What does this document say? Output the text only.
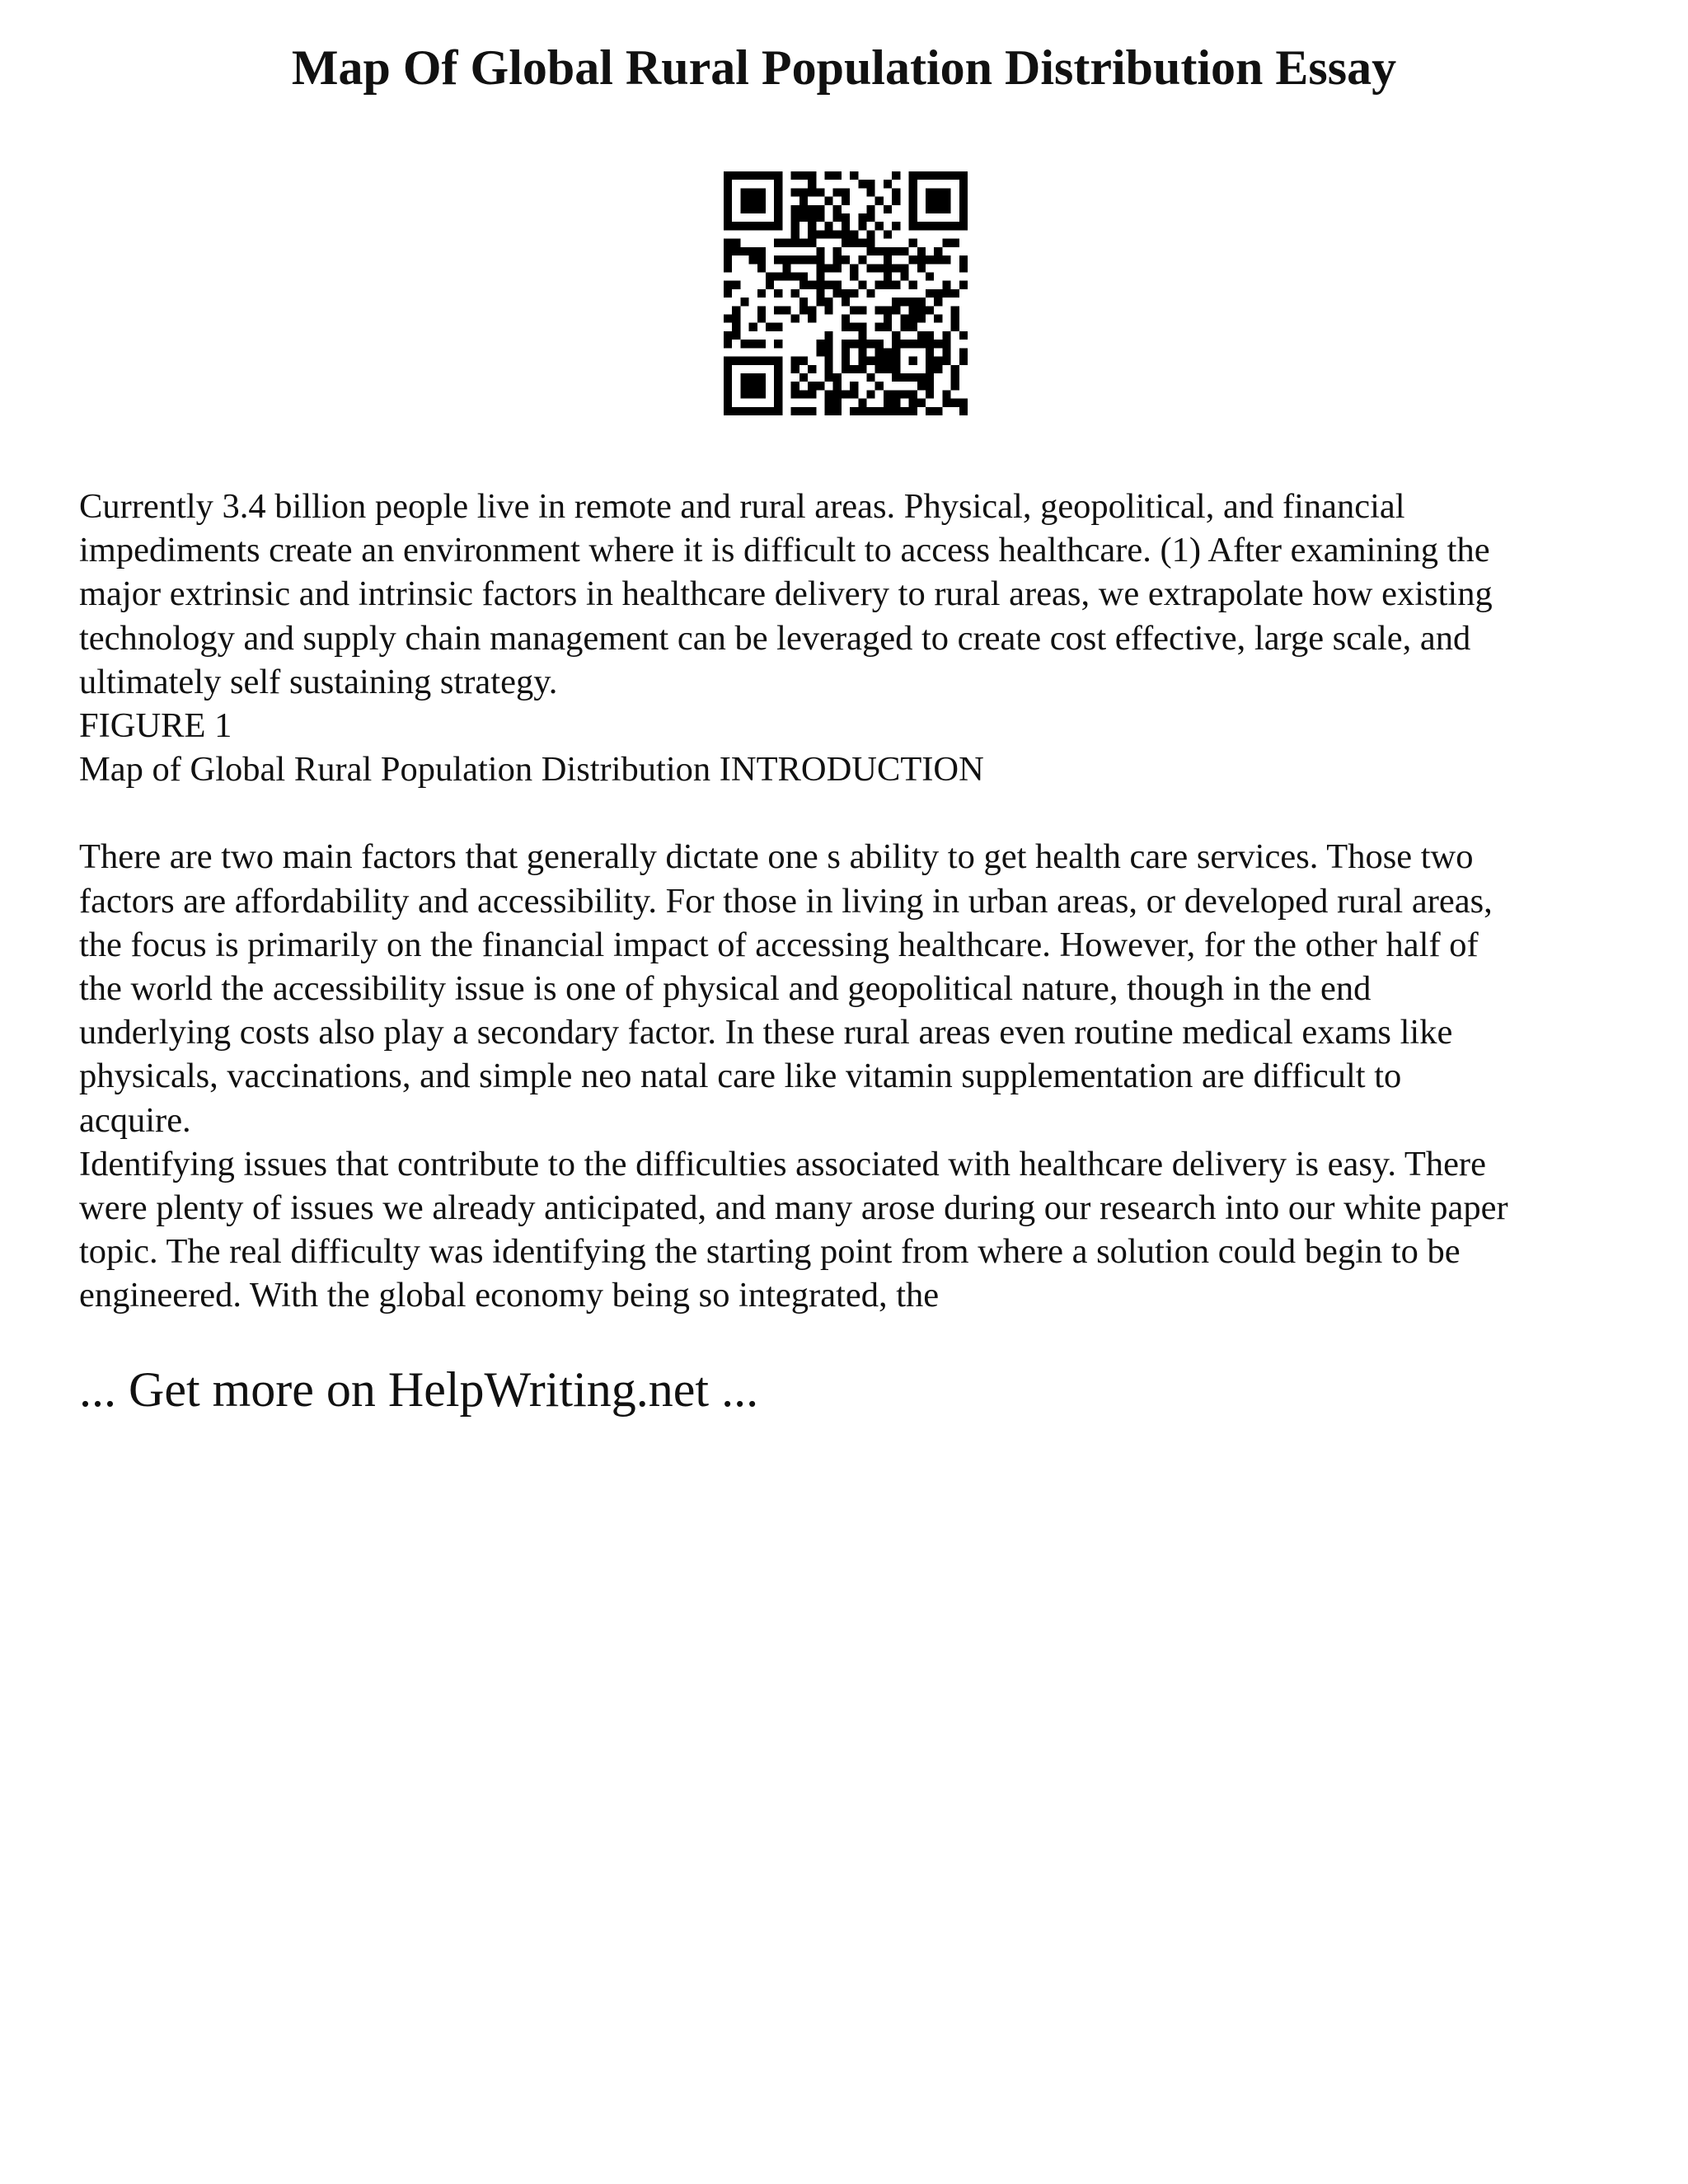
Map Of Global Rural Population Distribution Essay

Currently 3.4 billion people live in remote and rural areas. Physical, geopolitical, and financial
impediments create an environment where it is difficult to access healthcare. (1) After examining the
major extrinsic and intrinsic factors in healthcare delivery to rural areas, we extrapolate how existing
technology and supply chain management can be leveraged to create cost effective, large scale, and
ultimately self sustaining strategy.

FIGURE 1

Map of Global Rural Population Distribution INTRODUCTION

There are two main factors that generally dictate one s ability to get health care services. Those two
factors are affordability and accessibility. For those in living in urban areas, or developed rural areas,
the focus is primarily on the financial impact of accessing healthcare. However, for the other half of
the world the accessibility issue is one of physical and geopolitical nature, though in the end
underlying costs also play a secondary factor. In these rural areas even routine medical exams like
physicals, vaccinations, and simple neo natal care like vitamin supplementation are difficult to
acquire.

Identifying issues that contribute to the difficulties associated with healthcare delivery is easy. There
were plenty of issues we already anticipated, and many arose during our research into our white paper
topic. The real difficulty was identifying the starting point from where a solution could begin to be
engineered. With the global economy being so integrated, the

... Get more on HelpWriting.net ...
